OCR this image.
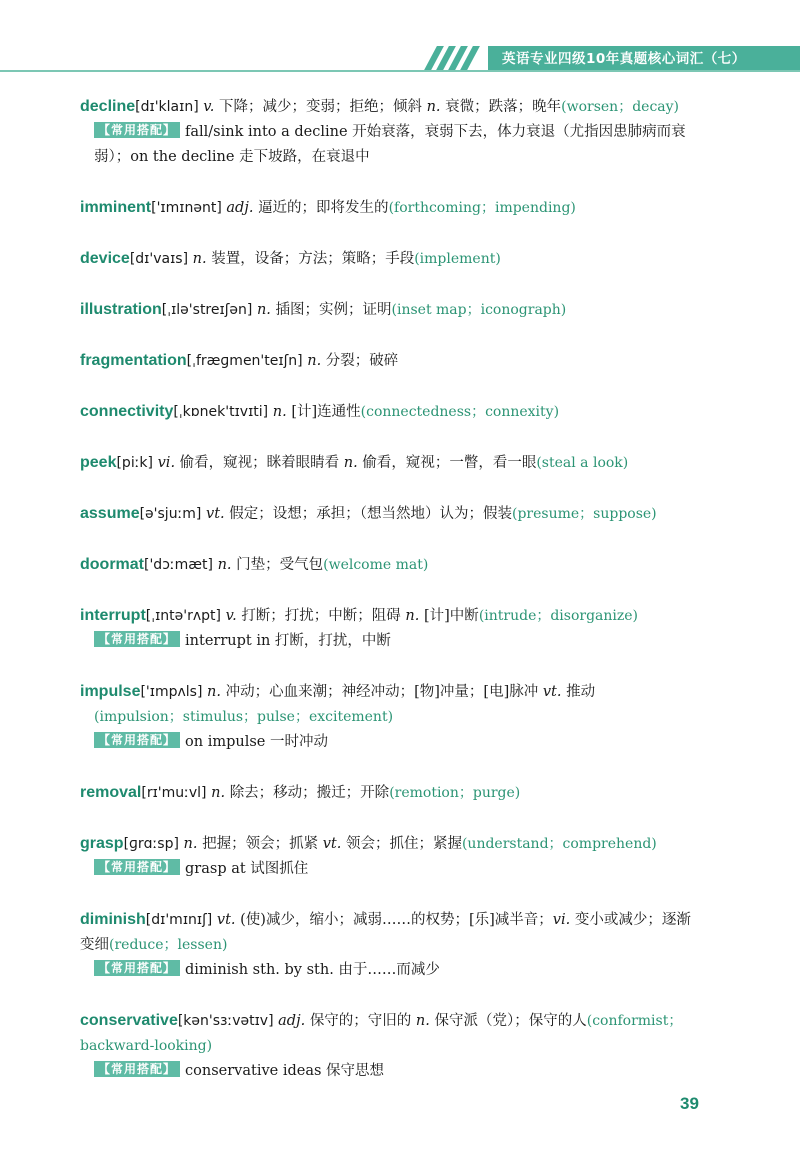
英语专业四级10年真题核心词汇（七）
decline[dɪ'klaɪn] v. 下降；减少；变弱；拒绝；倾斜 n. 衰微；跌落；晚年(worsen；decay)
【常用搭配】 fall/sink into a decline 开始衰落，衰弱下去，体力衰退（尤指因患肺病而衰弱）；on the decline 走下坡路，在衰退中
imminent['ɪmɪnənt] adj. 逼近的；即将发生的(forthcoming；impending)
device[dɪ'vaɪs] n. 装置，设备；方法；策略；手段(implement)
illustration[ˌɪlə'streɪʃən] n. 插图；实例；证明(inset map；iconograph)
fragmentation[ˌfræɡmen'teɪʃn] n. 分裂；破碎
connectivity[ˌkɒnek'tɪvɪti] n. [计]连通性(connectedness；connexity)
peek[piːk] vi. 偷看，窥视；眯着眼睛看 n. 偷看，窥视；一瞥，看一眼(steal a look)
assume[ə'sjuːm] vt. 假定；设想；承担；（想当然地）认为；假装(presume；suppose)
doormat['dɔːmæt] n. 门垫；受气包(welcome mat)
interrupt[ˌɪntə'rʌpt] v. 打断；打扰；中断；阻碍 n. [计]中断(intrude；disorganize)
【常用搭配】 interrupt in 打断，打扰，中断
impulse['ɪmpʌls] n. 冲动；心血来潮；神经冲动；[物]冲量；[电]脉冲 vt. 推动
(impulsion；stimulus；pulse；excitement)
【常用搭配】 on impulse 一时冲动
removal[rɪ'muːvl] n. 除去；移动；搬迁；开除(remotion；purge)
grasp[ɡrɑːsp] n. 把握；领会；抓紧 vt. 领会；抓住；紧握(understand；comprehend)
【常用搭配】 grasp at 试图抓住
diminish[dɪ'mɪnɪʃ] vt. (使)减少，缩小；减弱……的权势；[乐]减半音；vi. 变小或减少；逐渐变细(reduce；lessen)
【常用搭配】 diminish sth. by sth. 由于……而减少
conservative[kən'sɜːvətɪv] adj. 保守的；守旧的 n. 保守派（党）；保守的人(conformist；backward-looking)
【常用搭配】 conservative ideas 保守思想
39
